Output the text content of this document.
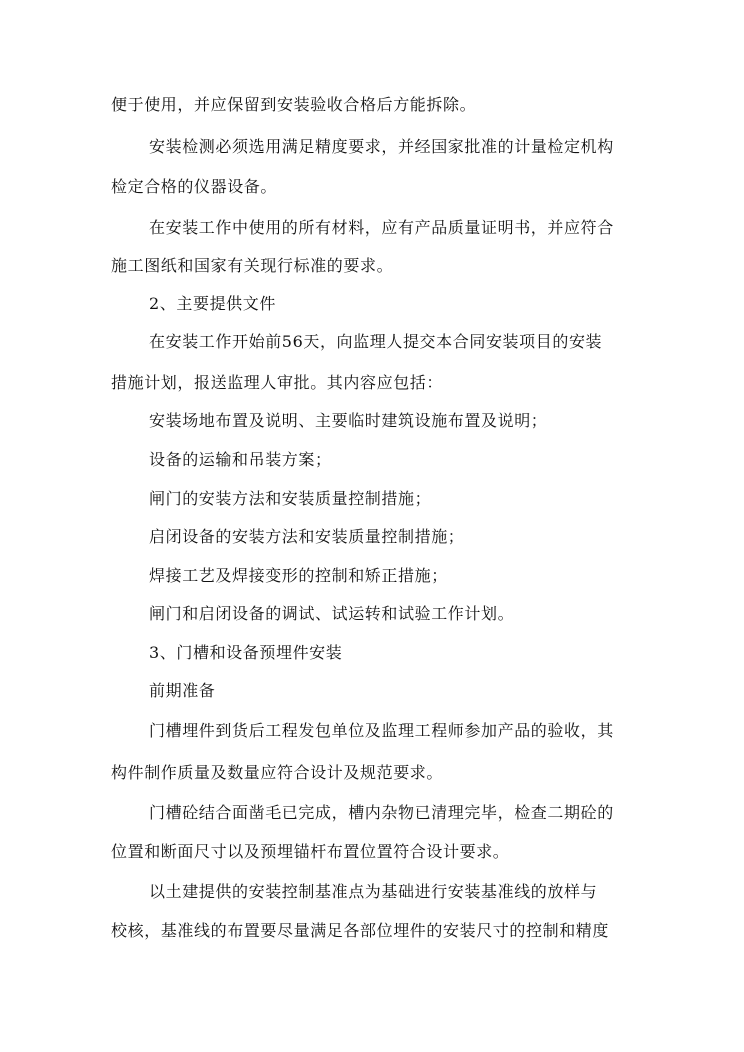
便于使用，并应保留到安装验收合格后方能拆除。
安装检测必须选用满足精度要求，并经国家批准的计量检定机构
检定合格的仪器设备。
在安装工作中使用的所有材料，应有产品质量证明书，并应符合
施工图纸和国家有关现行标准的要求。
2、主要提供文件
在安装工作开始前56天，向监理人提交本合同安装项目的安装
措施计划，报送监理人审批。其内容应包括：
安装场地布置及说明、主要临时建筑设施布置及说明；
设备的运输和吊装方案；
闸门的安装方法和安装质量控制措施；
启闭设备的安装方法和安装质量控制措施；
焊接工艺及焊接变形的控制和矫正措施；
闸门和启闭设备的调试、试运转和试验工作计划。
3、门槽和设备预埋件安装
前期准备
门槽埋件到货后工程发包单位及监理工程师参加产品的验收，其
构件制作质量及数量应符合设计及规范要求。
门槽砼结合面凿毛已完成，槽内杂物已清理完毕，检查二期砼的
位置和断面尺寸以及预埋锚杆布置位置符合设计要求。
以土建提供的安装控制基准点为基础进行安装基准线的放样与
校核，基准线的布置要尽量满足各部位埋件的安装尺寸的控制和精度
